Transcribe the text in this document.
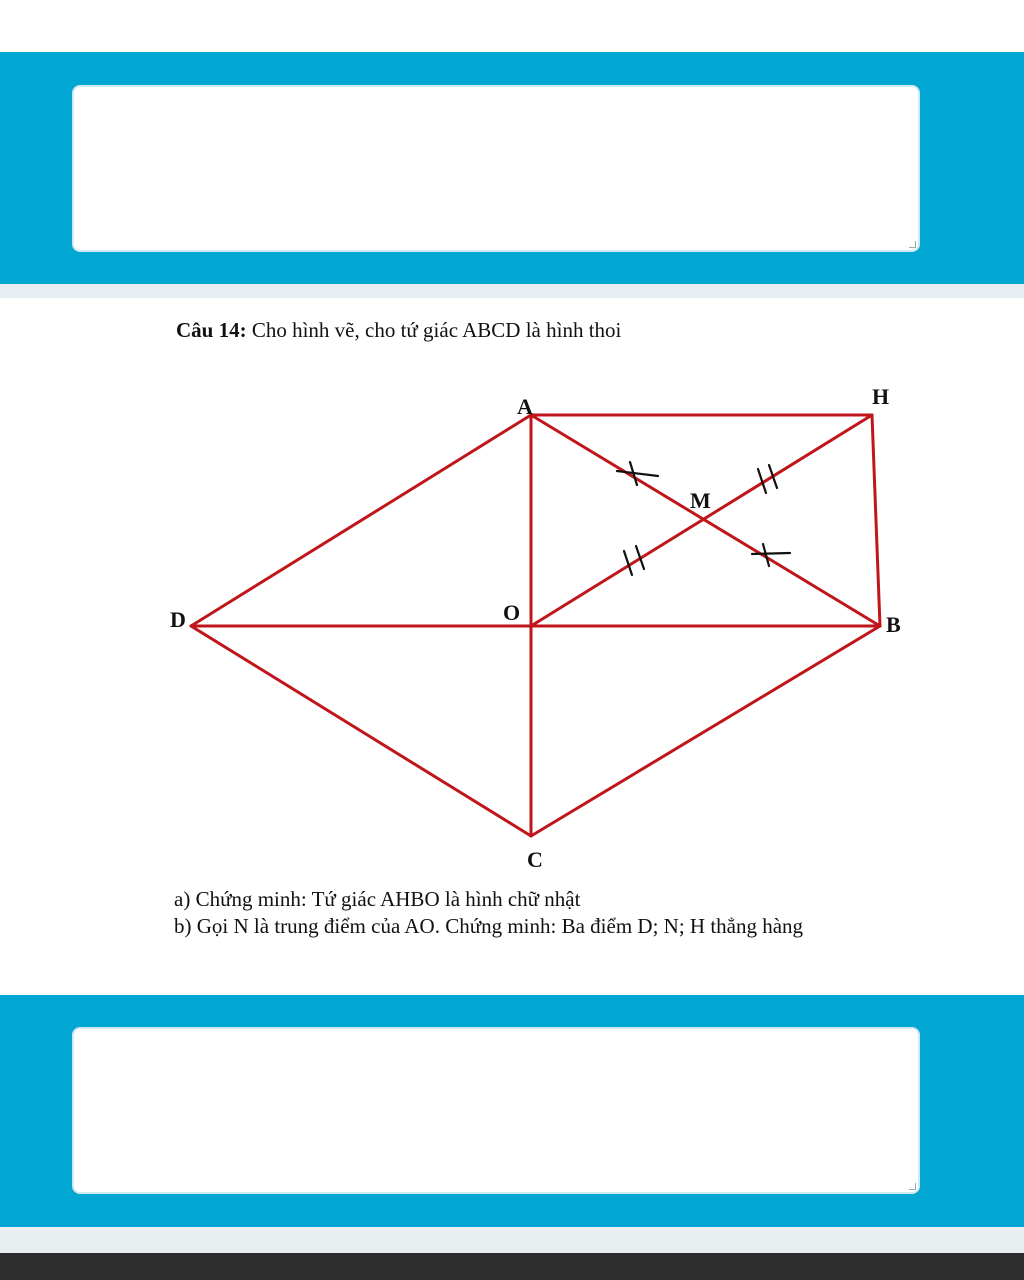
Câu 14: Cho hình vẽ, cho tứ giác ABCD là hình thoi
A	H
M
D	O	B
C
a) Chứng minh: Tứ giác AHBO là hình chữ nhật
b) Gọi N là trung điểm của AO. Chứng minh: Ba điểm D; N; H thẳng hàng
